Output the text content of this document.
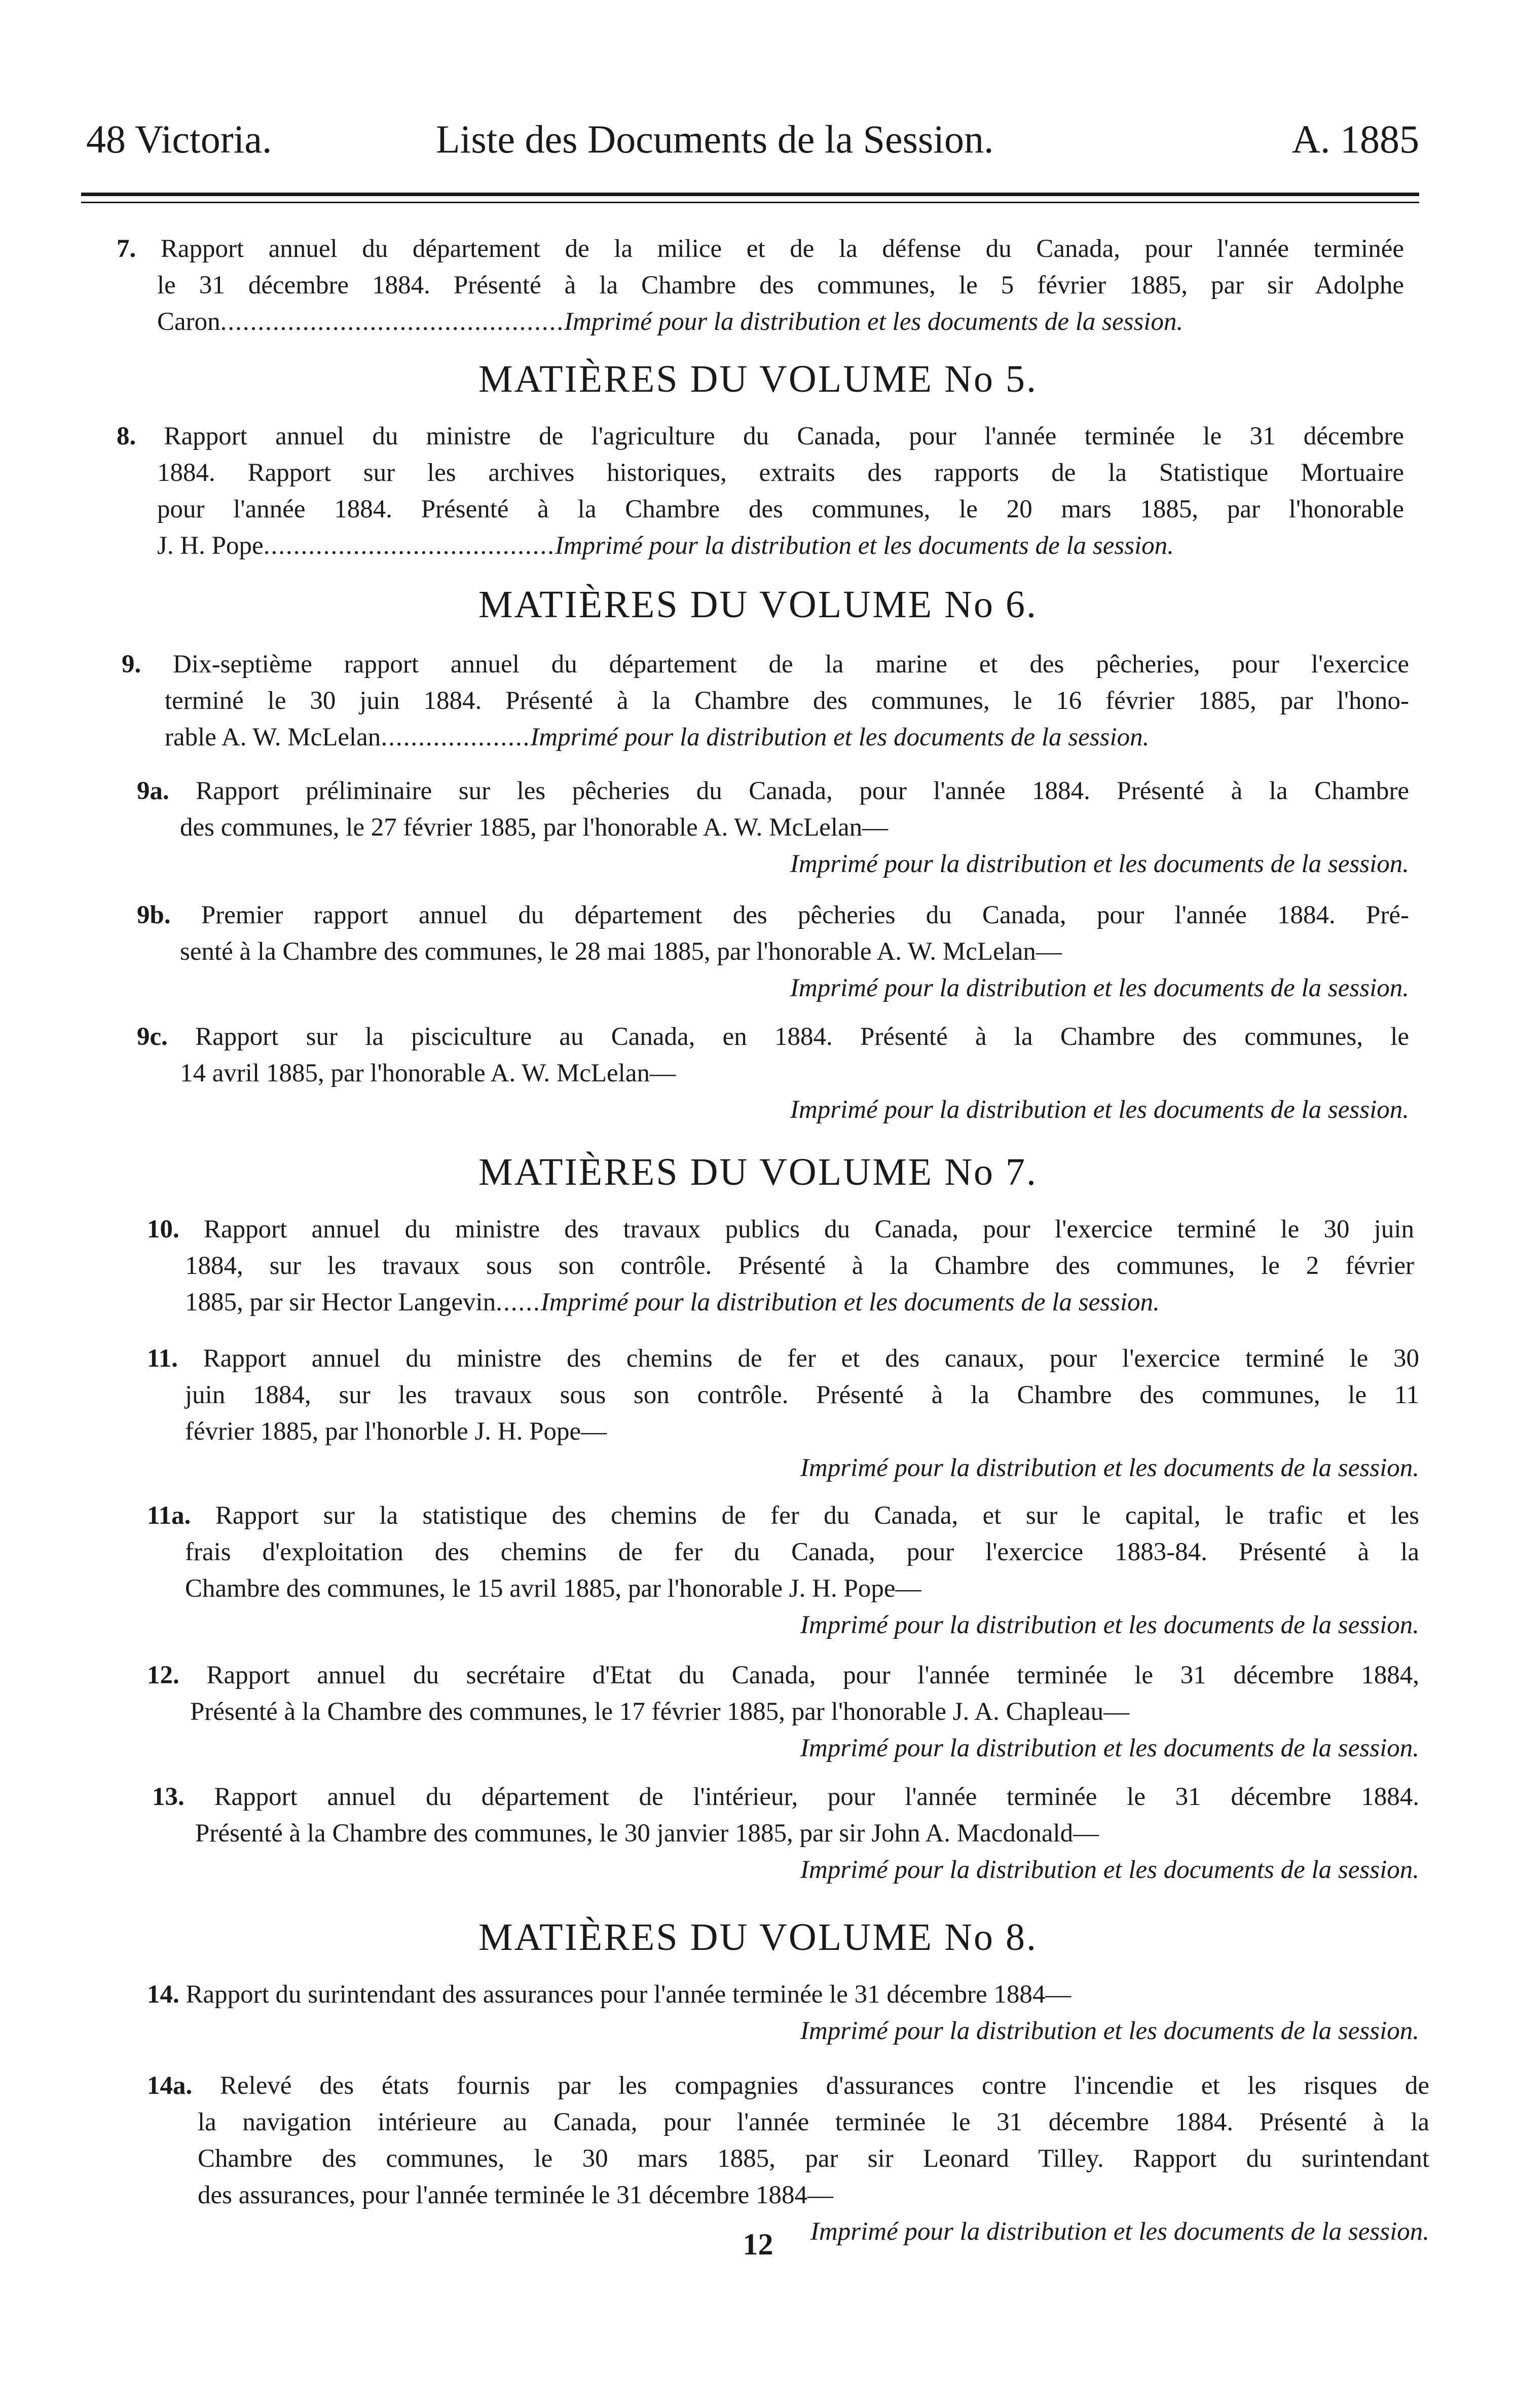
48 Victoria.	Liste des Documents de la Session.	A. 1885
7. Rapport annuel du département de la milice et de la défense du Canada, pour l'année terminée
le 31 décembre 1884. Présenté à la Chambre des communes, le 5 février 1885, par sir Adolphe
Caron..............................................Imprimé pour la distribution et les documents de la session.
MATIÈRES DU VOLUME No 5.
8. Rapport annuel du ministre de l'agriculture du Canada, pour l'année terminée le 31 décembre
1884. Rapport sur les archives historiques, extraits des rapports de la Statistique Mortuaire
pour l'année 1884. Présenté à la Chambre des communes, le 20 mars 1885, par l'honorable
J. H. Pope.......................................Imprimé pour la distribution et les documents de la session.
MATIÈRES DU VOLUME No 6.
9. Dix-septième rapport annuel du département de la marine et des pêcheries, pour l'exercice
terminé le 30 juin 1884. Présenté à la Chambre des communes, le 16 février 1885, par l'hono-
rable A. W. McLelan....................Imprimé pour la distribution et les documents de la session.
9a. Rapport préliminaire sur les pêcheries du Canada, pour l'année 1884. Présenté à la Chambre
des communes, le 27 février 1885, par l'honorable A. W. McLelan—
Imprimé pour la distribution et les documents de la session.
9b. Premier rapport annuel du département des pêcheries du Canada, pour l'année 1884. Pré-
senté à la Chambre des communes, le 28 mai 1885, par l'honorable A. W. McLelan—
Imprimé pour la distribution et les documents de la session.
9c. Rapport sur la pisciculture au Canada, en 1884. Présenté à la Chambre des communes, le
14 avril 1885, par l'honorable A. W. McLelan—
Imprimé pour la distribution et les documents de la session.
MATIÈRES DU VOLUME No 7.
10. Rapport annuel du ministre des travaux publics du Canada, pour l'exercice terminé le 30 juin
1884, sur les travaux sous son contrôle. Présenté à la Chambre des communes, le 2 février
1885, par sir Hector Langevin......Imprimé pour la distribution et les documents de la session.
11. Rapport annuel du ministre des chemins de fer et des canaux, pour l'exercice terminé le 30
juin 1884, sur les travaux sous son contrôle. Présenté à la Chambre des communes, le 11
février 1885, par l'honorble J. H. Pope—
Imprimé pour la distribution et les documents de la session.
11a. Rapport sur la statistique des chemins de fer du Canada, et sur le capital, le trafic et les
frais d'exploitation des chemins de fer du Canada, pour l'exercice 1883-84. Présenté à la
Chambre des communes, le 15 avril 1885, par l'honorable J. H. Pope—
Imprimé pour la distribution et les documents de la session.
12. Rapport annuel du secrétaire d'Etat du Canada, pour l'année terminée le 31 décembre 1884,
Présenté à la Chambre des communes, le 17 février 1885, par l'honorable J. A. Chapleau—
Imprimé pour la distribution et les documents de la session.
13. Rapport annuel du département de l'intérieur, pour l'année terminée le 31 décembre 1884.
Présenté à la Chambre des communes, le 30 janvier 1885, par sir John A. Macdonald—
Imprimé pour la distribution et les documents de la session.
MATIÈRES DU VOLUME No 8.
14. Rapport du surintendant des assurances pour l'année terminée le 31 décembre 1884—
Imprimé pour la distribution et les documents de la session.
14a. Relevé des états fournis par les compagnies d'assurances contre l'incendie et les risques de
la navigation intérieure au Canada, pour l'année terminée le 31 décembre 1884. Présenté à la
Chambre des communes, le 30 mars 1885, par sir Leonard Tilley. Rapport du surintendant
des assurances, pour l'année terminée le 31 décembre 1884—
Imprimé pour la distribution et les documents de la session.
12
